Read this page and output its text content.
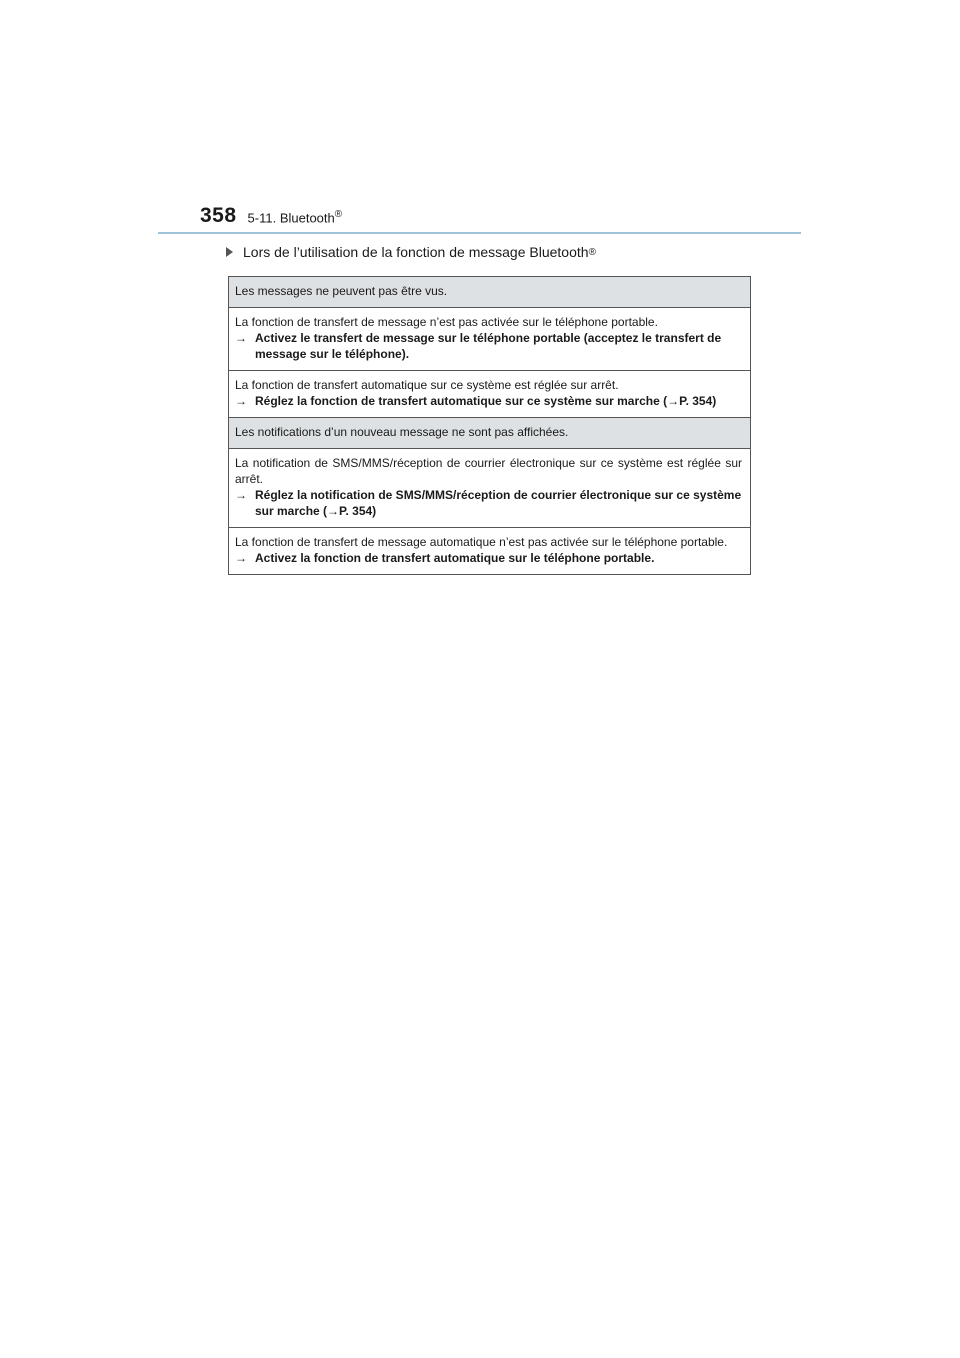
358 5-11. Bluetooth®
Lors de l’utilisation de la fonction de message Bluetooth ®
Les messages ne peuvent pas être vus.

La fonction de transfert de message n’est pas activée sur le téléphone portable.
→ Activez le transfert de message sur le téléphone portable (acceptez le transfert de message sur le téléphone).

La fonction de transfert automatique sur ce système est réglée sur arrêt.
→ Réglez la fonction de transfert automatique sur ce système sur marche (→P. 354)

Les notifications d’un nouveau message ne sont pas affichées.

La notification de SMS/MMS/réception de courrier électronique sur ce système est réglée sur arrêt.
→ Réglez la notification de SMS/MMS/réception de courrier électronique sur ce système sur marche (→P. 354)

La fonction de transfert de message automatique n’est pas activée sur le téléphone portable.
→ Activez la fonction de transfert automatique sur le téléphone portable.
